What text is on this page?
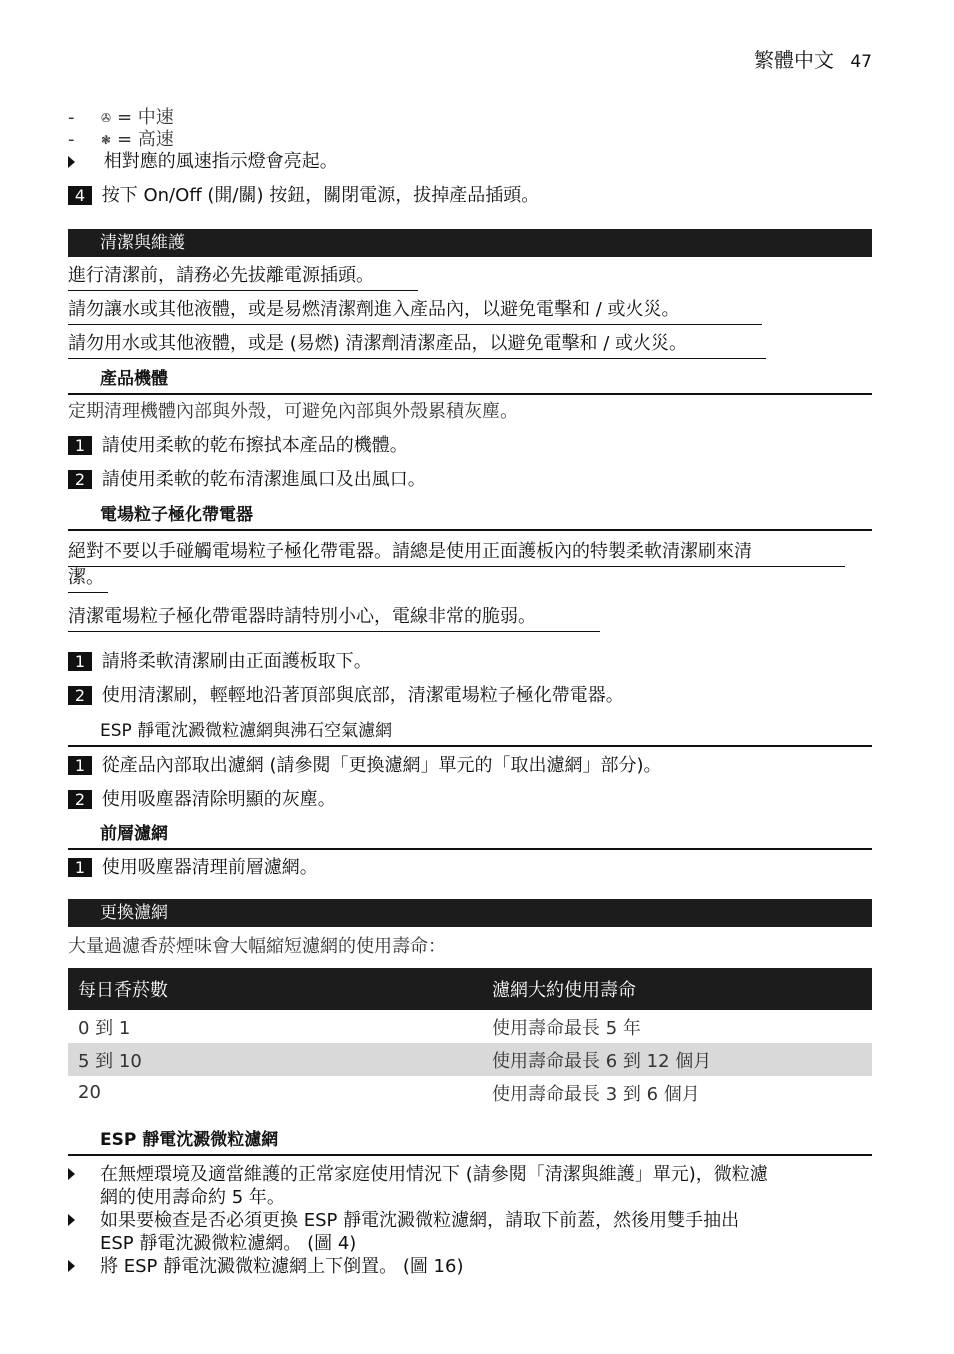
繁體中文 47
- ✇ = 中速
- ❃ = 高速
相對應的風速指示燈會亮起。
4 按下 On/Off (開/關) 按鈕，關閉電源，拔掉產品插頭。
清潔與維護
進行清潔前，請務必先拔離電源插頭。
請勿讓水或其他液體，或是易燃清潔劑進入產品內，以避免電擊和 / 或火災。
請勿用水或其他液體，或是 (易燃) 清潔劑清潔產品，以避免電擊和 / 或火災。
產品機體
定期清理機體內部與外殼，可避免內部與外殼累積灰塵。
1 請使用柔軟的乾布擦拭本產品的機體。
2 請使用柔軟的乾布清潔進風口及出風口。
電場粒子極化帶電器
絕對不要以手碰觸電場粒子極化帶電器。請總是使用正面護板內的特製柔軟清潔刷來清
潔。
清潔電場粒子極化帶電器時請特別小心，電線非常的脆弱。
1 請將柔軟清潔刷由正面護板取下。
2 使用清潔刷，輕輕地沿著頂部與底部，清潔電場粒子極化帶電器。
ESP 靜電沈澱微粒濾網與沸石空氣濾網
1 從產品內部取出濾網 (請參閱「更換濾網」單元的「取出濾網」部分)。
2 使用吸塵器清除明顯的灰塵。
前層濾網
1 使用吸塵器清理前層濾網。
更換濾網
大量過濾香菸煙味會大幅縮短濾網的使用壽命：
每日香菸數	濾網大約使用壽命
0 到 1	使用壽命最長 5 年
5 到 10	使用壽命最長 6 到 12 個月
20	使用壽命最長 3 到 6 個月
ESP 靜電沈澱微粒濾網
在無煙環境及適當維護的正常家庭使用情況下 (請參閱「清潔與維護」單元)，微粒濾
網的使用壽命約 5 年。
如果要檢查是否必須更換 ESP 靜電沈澱微粒濾網，請取下前蓋，然後用雙手抽出
ESP 靜電沈澱微粒濾網。 (圖 4)
將 ESP 靜電沈澱微粒濾網上下倒置。 (圖 16)
